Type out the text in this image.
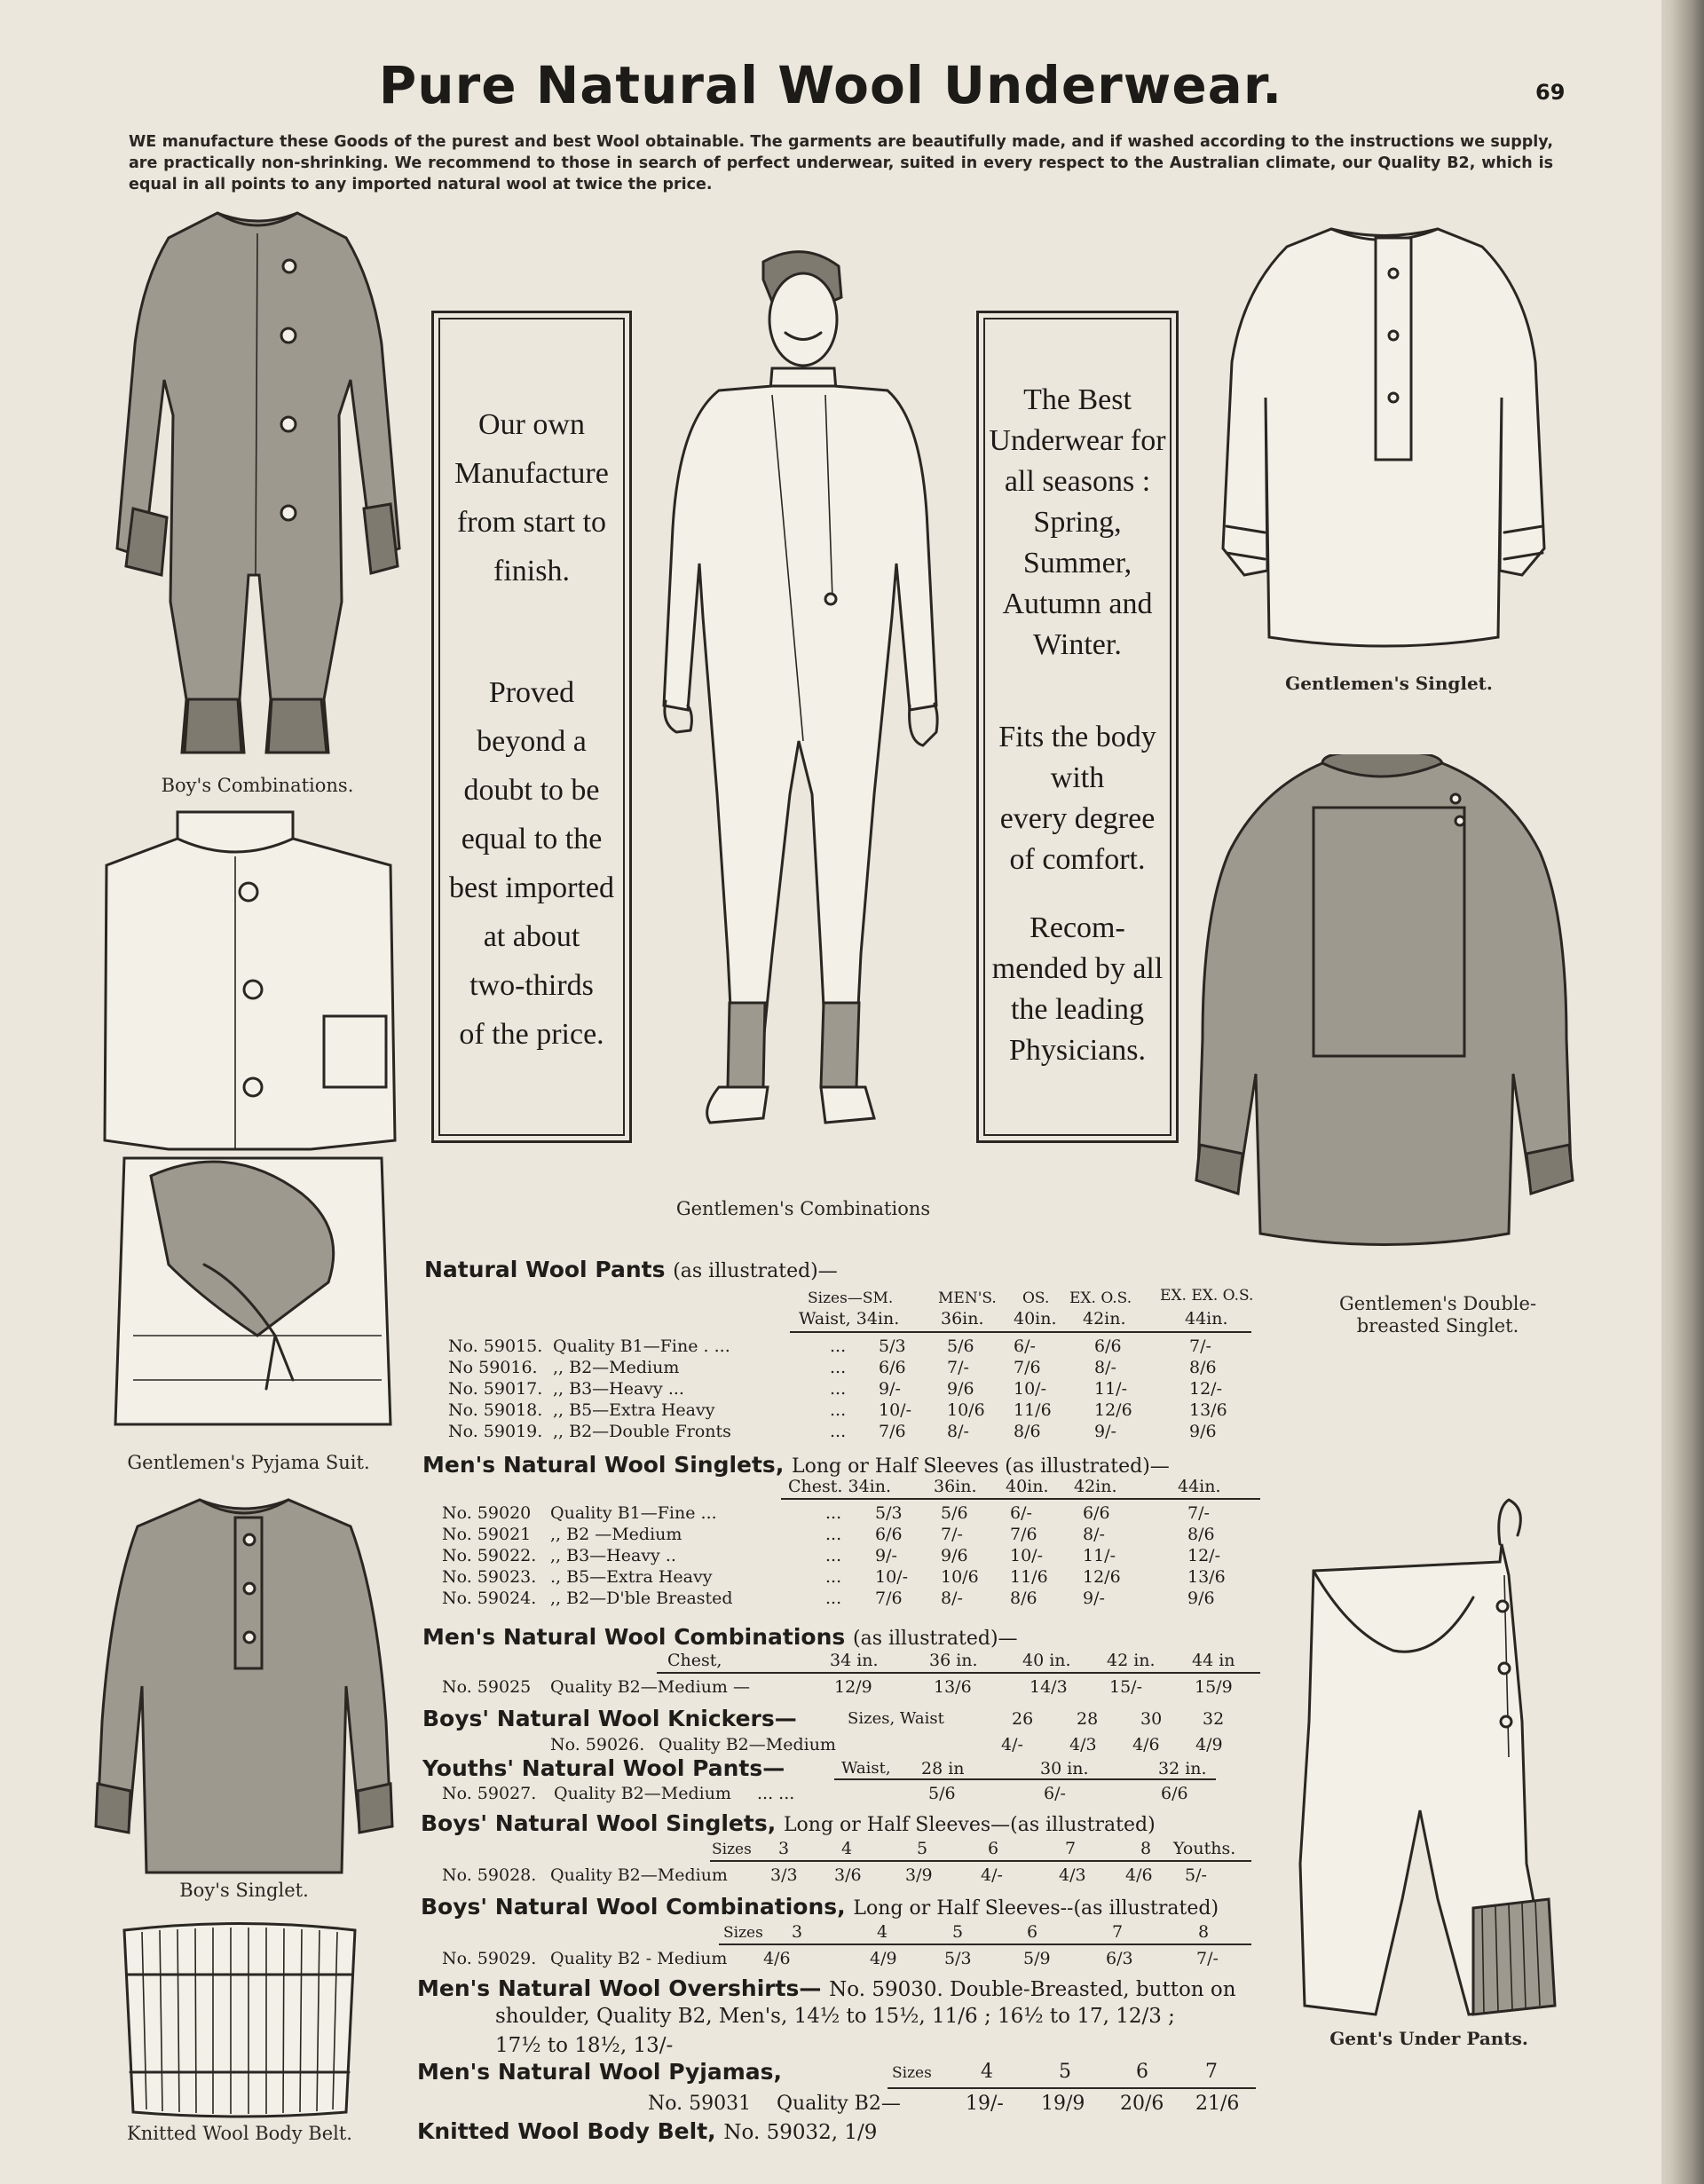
Pure Natural Wool Underwear.	69
WE manufacture these Goods of the purest and best Wool obtainable. The garments are beautifully made, and if washed according to the instructions we supply, are practically non-shrinking. We recommend to those in search of perfect underwear, suited in every respect to the Australian climate, our Quality B2, which is equal in all points to any imported natural wool at twice the price.
Boy's Combinations.
Gentlemen's Pyjama Suit.
Boy's Singlet.
Knitted Wool Body Belt.
Gentlemen's Combinations
Gentlemen's Singlet.
Gentlemen's Double-
breasted Singlet.
Gent's Under Pants.
Our own
Manufacture
from start to
finish.
Proved
beyond a
doubt to be
equal to the
best imported
at about
two-thirds
of the price.
The Best
Underwear for
all seasons :
Spring,
Summer,
Autumn and
Winter.
Fits the body
with
every degree
of comfort.
Recom-
mended by all
the leading
Physicians.
Natural Wool Pants (as illustrated)—
Sizes—SM.	MEN'S. OS. EX. O.S. EX. EX. O.S.
Waist, 34in. 36in. 40in. 42in.	44in.
No. 59015. Quality B1—Fine . ...	... 5/3 5/6 6/-	6/6	7/-
No 59016. ,, B2—Medium	... 6/6 7/-	7/6	8/-	8/6
No. 59017. ,, B3—Heavy ...	... 9/-	9/6 10/-	11/-	12/-
No. 59018. ,, B5—Extra Heavy	... 10/- 10/6 11/6	12/6	13/6
No. 59019. ,, B2—Double Fronts	... 7/6 8/-	8/6	9/-	9/6
Men's Natural Wool Singlets, Long or Half Sleeves (as illustrated)—
Chest. 34in.	36in. 40in. 42in.	44in.
No. 59020 Quality B1—Fine ...	... 5/3 5/6 6/-	6/6	7/-
No. 59021 ,, B2 —Medium	... 6/6 7/-	7/6	8/-	8/6
No. 59022. ,, B3—Heavy ..	... 9/-	9/6 10/- 11/-	12/-
No. 59023. ., B5—Extra Heavy	... 10/- 10/6 11/6 12/6	13/6
No. 59024. ,, B2—D'ble Breasted	... 7/6 8/-	8/6	9/-	9/6
Men's Natural Wool Combinations (as illustrated)—
Chest,	34 in.	36 in.	40 in. 42 in. 44 in
No. 59025 Quality B2—Medium —	12/9	13/6	14/3 15/-	15/9
Boys' Natural Wool Knickers—	Sizes, Waist	26	28	30 32
No. 59026. Quality B2—Medium	4/-	4/3 4/6 4/9
Youths' Natural Wool Pants—	Waist, 28 in	30 in.	32 in.
No. 59027. Quality B2—Medium ... ...	5/6	6/-	6/6
Boys' Natural Wool Singlets, Long or Half Sleeves—(as illustrated)
Sizes 3	4	5	6	7	8 Youths.
No. 59028. Quality B2—Medium	3/3 3/6	3/9	4/-	4/3 4/6 5/-
Boys' Natural Wool Combinations, Long or Half Sleeves--(as illustrated)
Sizes 3	4	5	6	7	8
No. 59029. Quality B2 - Medium 4/6	4/9	5/3	5/9	6/3	7/-
Men's Natural Wool Overshirts— No. 59030. Double-Breasted, button on
shoulder, Quality B2, Men's, 14½ to 15½, 11/6 ; 16½ to 17, 12/3 ;
17½ to 18½, 13/-
Men's Natural Wool Pyjamas,	Sizes	4	5	6	7
No. 59031 Quality B2—	19/- 19/9 20/6 21/6
Knitted Wool Body Belt, No. 59032, 1/9
